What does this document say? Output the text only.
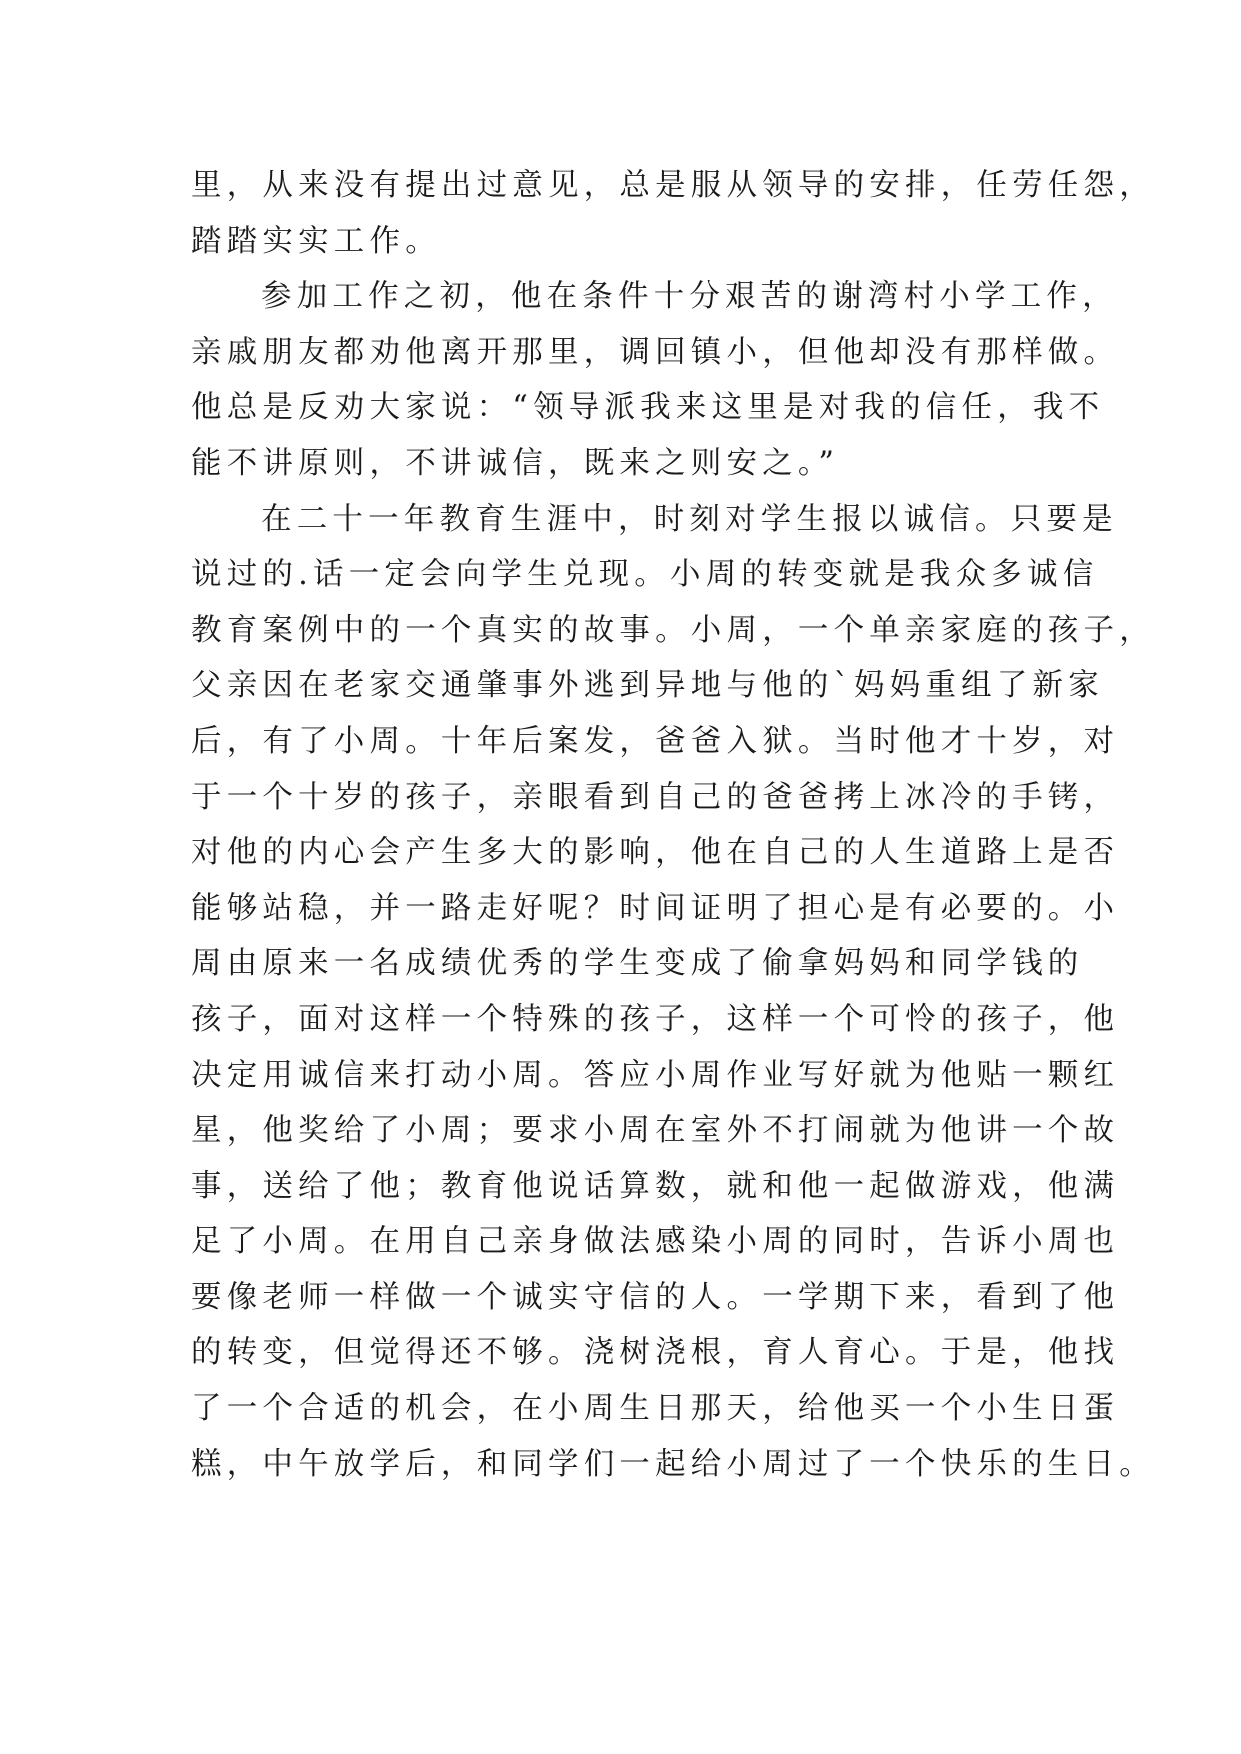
里，从来没有提出过意见，总是服从领导的安排，任劳任怨，
踏踏实实工作。
参加工作之初，他在条件十分艰苦的谢湾村小学工作，
亲戚朋友都劝他离开那里，调回镇小，但他却没有那样做。
他总是反劝大家说：“领导派我来这里是对我的信任，我不
能不讲原则，不讲诚信，既来之则安之。”
在二十一年教育生涯中，时刻对学生报以诚信。只要是
说过的.话一定会向学生兑现。小周的转变就是我众多诚信
教育案例中的一个真实的故事。小周，一个单亲家庭的孩子，
父亲因在老家交通肇事外逃到异地与他的`妈妈重组了新家
后，有了小周。十年后案发，爸爸入狱。当时他才十岁，对
于一个十岁的孩子，亲眼看到自己的爸爸拷上冰冷的手铐，
对他的内心会产生多大的影响，他在自己的人生道路上是否
能够站稳，并一路走好呢？时间证明了担心是有必要的。小
周由原来一名成绩优秀的学生变成了偷拿妈妈和同学钱的
孩子，面对这样一个特殊的孩子，这样一个可怜的孩子，他
决定用诚信来打动小周。答应小周作业写好就为他贴一颗红
星，他奖给了小周；要求小周在室外不打闹就为他讲一个故
事，送给了他；教育他说话算数，就和他一起做游戏，他满
足了小周。在用自己亲身做法感染小周的同时，告诉小周也
要像老师一样做一个诚实守信的人。一学期下来，看到了他
的转变，但觉得还不够。浇树浇根，育人育心。于是，他找
了一个合适的机会，在小周生日那天，给他买一个小生日蛋
糕，中午放学后，和同学们一起给小周过了一个快乐的生日。
